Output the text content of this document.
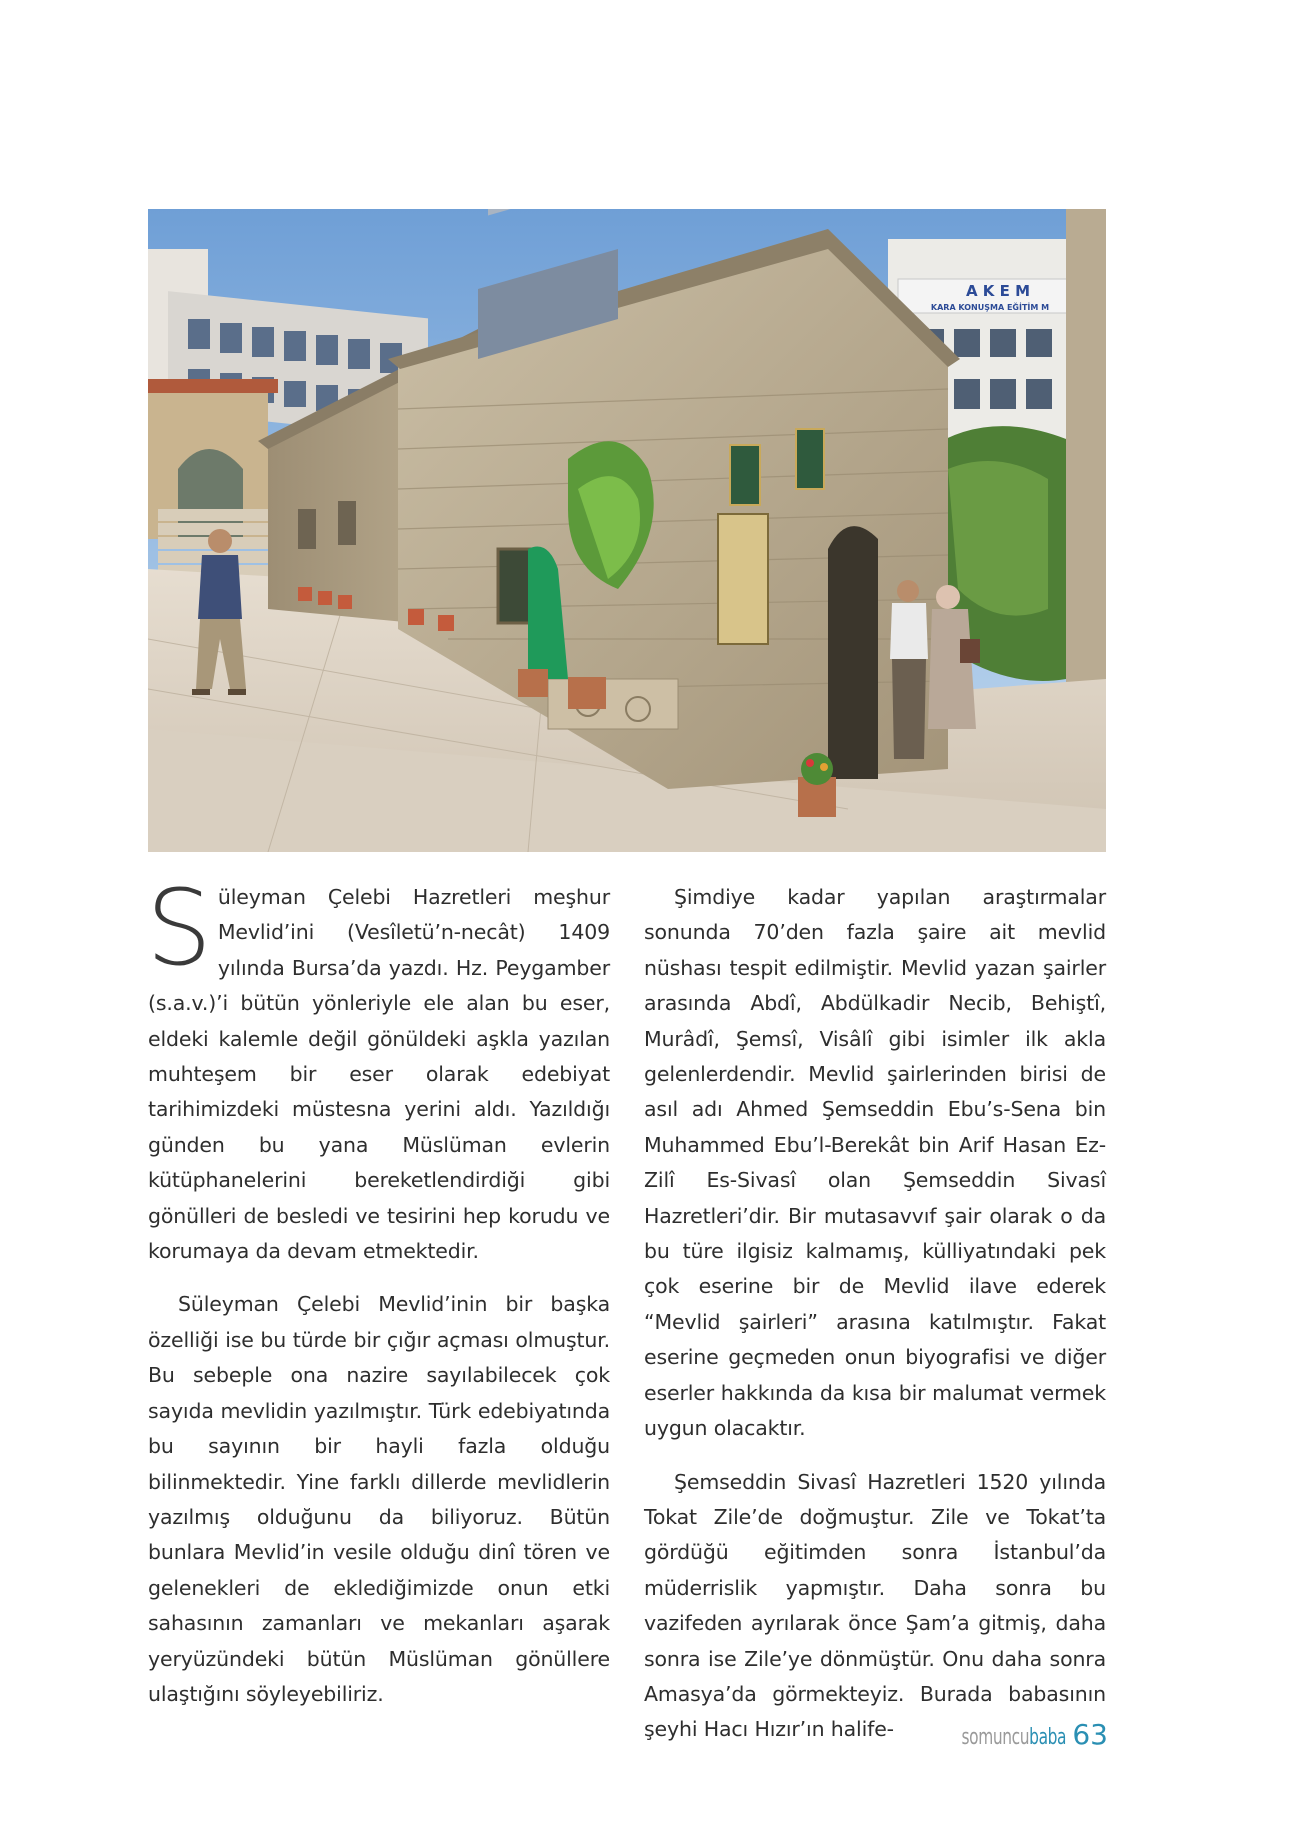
A K E M
KARA KONUŞMA EĞİTİM M

Süleyman Çelebi Hazretleri meşhur Mevlid’ini (Vesîletü’n-necât) 1409 yılında Bursa’da yazdı. Hz. Peygamber (s.a.v.)’i bütün yönleriyle ele alan bu eser, eldeki kalemle değil gönüldeki aşkla yazılan muhteşem bir eser olarak edebiyat tarihimizdeki müstesna yerini aldı. Yazıldığı günden bu yana Müslüman evlerin kütüphanelerini bereketlendirdiği gibi gönülleri de besledi ve tesirini hep korudu ve korumaya da devam etmektedir.

Süleyman Çelebi Mevlid’inin bir başka özelliği ise bu türde bir çığır açması olmuştur. Bu sebeple ona nazire sayılabilecek çok sayıda mevlidin yazılmıştır. Türk edebiyatında bu sayının bir hayli fazla olduğu bilinmektedir. Yine farklı dillerde mevlidlerin yazılmış olduğunu da biliyoruz. Bütün bunlara Mevlid’in vesile olduğu dinî tören ve gelenekleri de eklediğimizde onun etki sahasının zamanları ve mekanları aşarak yeryüzündeki bütün Müslüman gönüllere ulaştığını söyleyebiliriz.

Şimdiye kadar yapılan araştırmalar sonunda 70’den fazla şaire ait mevlid nüshası tespit edilmiştir. Mevlid yazan şairler arasında Abdî, Abdülkadir Necib, Behiştî, Murâdî, Şemsî, Visâlî gibi isimler ilk akla gelenlerdendir. Mevlid şairlerinden birisi de asıl adı Ahmed Şemseddin Ebu’s-Sena bin Muhammed Ebu’l-Berekât bin Arif Hasan Ez-Zilî Es-Sivasî olan Şemseddin Sivasî Hazretleri’dir. Bir mutasavvıf şair olarak o da bu türe ilgisiz kalmamış, külliyatındaki pek çok eserine bir de Mevlid ilave ederek “Mevlid şairleri” arasına katılmıştır. Fakat eserine geçmeden onun biyografisi ve diğer eserler hakkında da kısa bir malumat vermek uygun olacaktır.

Şemseddin Sivasî Hazretleri 1520 yılında Tokat Zile’de doğmuştur. Zile ve Tokat’ta gördüğü eğitimden sonra İstanbul’da müderrislik yapmıştır. Daha sonra bu vazifeden ayrılarak önce Şam’a gitmiş, daha sonra ise Zile’ye dönmüştür. Onu daha sonra Amasya’da görmekteyiz. Burada babasının şeyhi Hacı Hızır’ın halife-	somuncubaba 63
